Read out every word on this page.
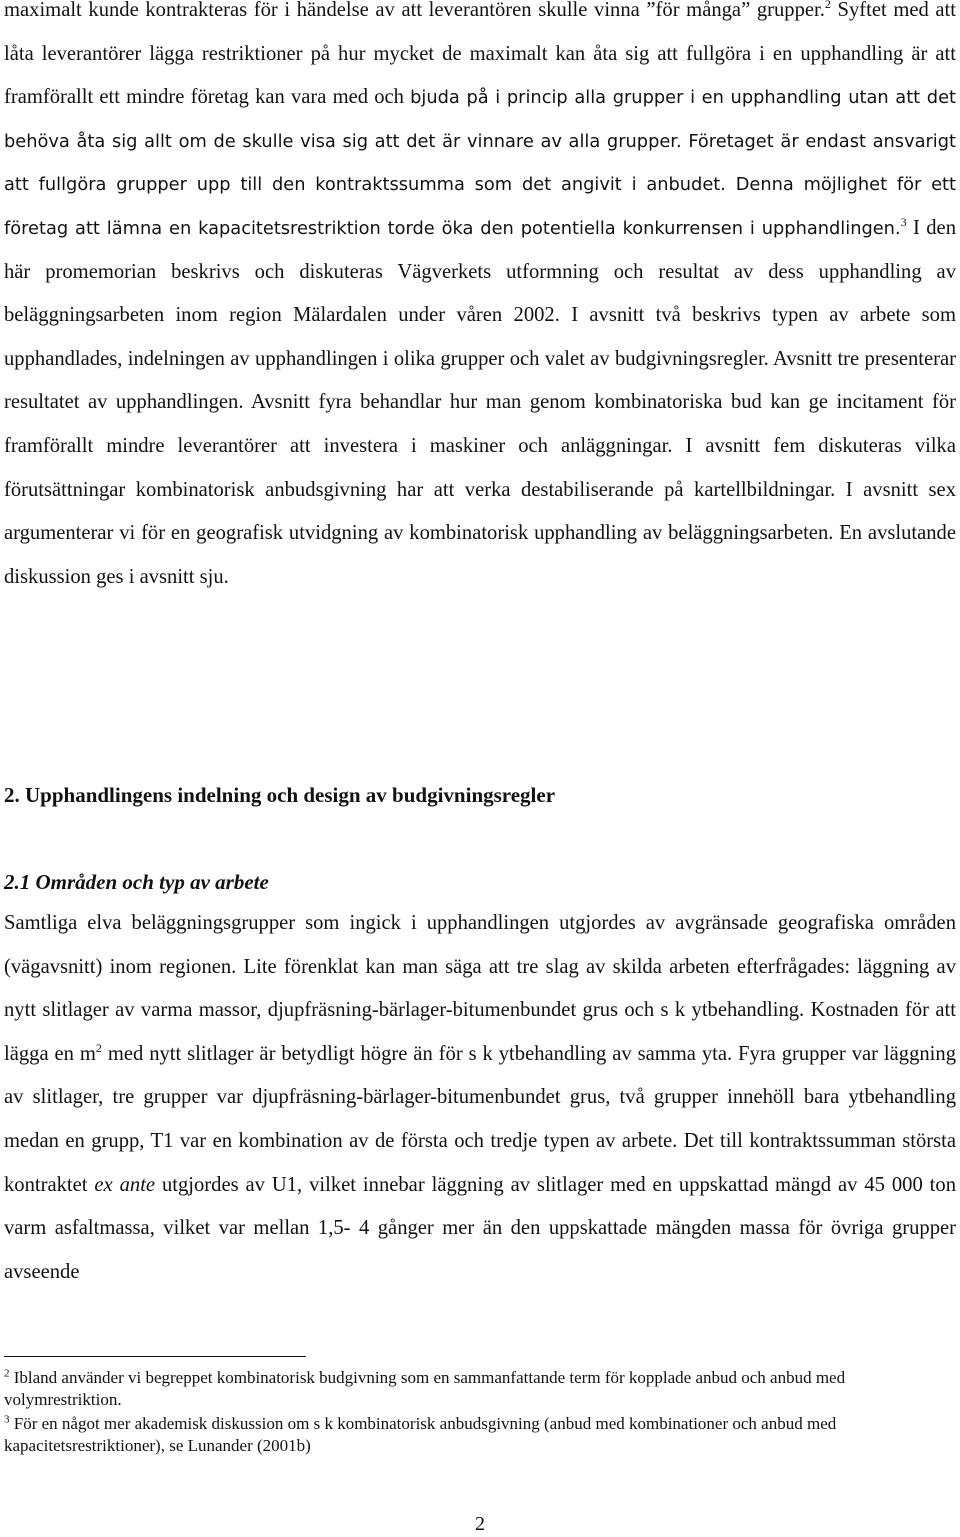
maximalt kunde kontrakteras för i händelse av att leverantören skulle vinna ”för många” grupper.$^2$ Syftet med att låta leverantörer lägga restriktioner på hur mycket de maximalt kan åta sig att fullgöra i en upphandling är att framförallt ett mindre företag kan vara med och bjuda på i princip alla grupper i en upphandling utan att det behöva åta sig allt om de skulle visa sig att det är vinnare av alla grupper. Företaget är endast ansvarigt att fullgöra grupper upp till den kontraktssumma som det angivit i anbudet. Denna möjlighet för ett företag att lämna en kapacitetsrestriktion torde öka den potentiella konkurrensen i upphandlingen.$^3$ I den här promemorian beskrivs och diskuteras Vägverkets utformning och resultat av dess upphandling av beläggningsarbeten inom region Mälardalen under våren 2002. I avsnitt två beskrivs typen av arbete som upphandlades, indelningen av upphandlingen i olika grupper och valet av budgivningsregler. Avsnitt tre presenterar resultatet av upphandlingen. Avsnitt fyra behandlar hur man genom kombinatoriska bud kan ge incitament för framförallt mindre leverantörer att investera i maskiner och anläggningar. I avsnitt fem diskuteras vilka förutsättningar kombinatorisk anbudsgivning har att verka destabiliserande på kartellbildningar. I avsnitt sex argumenterar vi för en geografisk utvidgning av kombinatorisk upphandling av beläggningsarbeten. En avslutande diskussion ges i avsnitt sju.

2. Upphandlingens indelning och design av budgivningsregler
2.1 Områden och typ av arbete

Samtliga elva beläggningsgrupper som ingick i upphandlingen utgjordes av avgränsade geografiska områden (vägavsnitt) inom regionen. Lite förenklat kan man säga att tre slag av skilda arbeten efterfrågades: läggning av nytt slitlager av varma massor, djupfräsning-bärlager-bitumenbundet grus och s k ytbehandling. Kostnaden för att lägga en $m^2$ med nytt slitlager är betydligt högre än för s k ytbehandling av samma yta. Fyra grupper var läggning av slitlager, tre grupper var djupfräsning-bärlager-bitumenbundet grus, två grupper innehöll bara ytbehandling medan en grupp, T1 var en kombination av de första och tredje typen av arbete. Det till kontraktssumman största kontraktet ex ante utgjordes av U1, vilket innebar läggning av slitlager med en uppskattad mängd av 45 000 ton varm asfaltmassa, vilket var mellan 1,5- 4 gånger mer än den uppskattade mängden massa för övriga grupper avseende

$^2$ Ibland använder vi begreppet kombinatorisk budgivning som en sammanfattande term för kopplade anbud och anbud med volymrestriktion.

$^3$ För en något mer akademisk diskussion om s k kombinatorisk anbudsgivning (anbud med kombinationer och anbud med kapacitetsrestriktioner), se Lunander (2001b)

2
